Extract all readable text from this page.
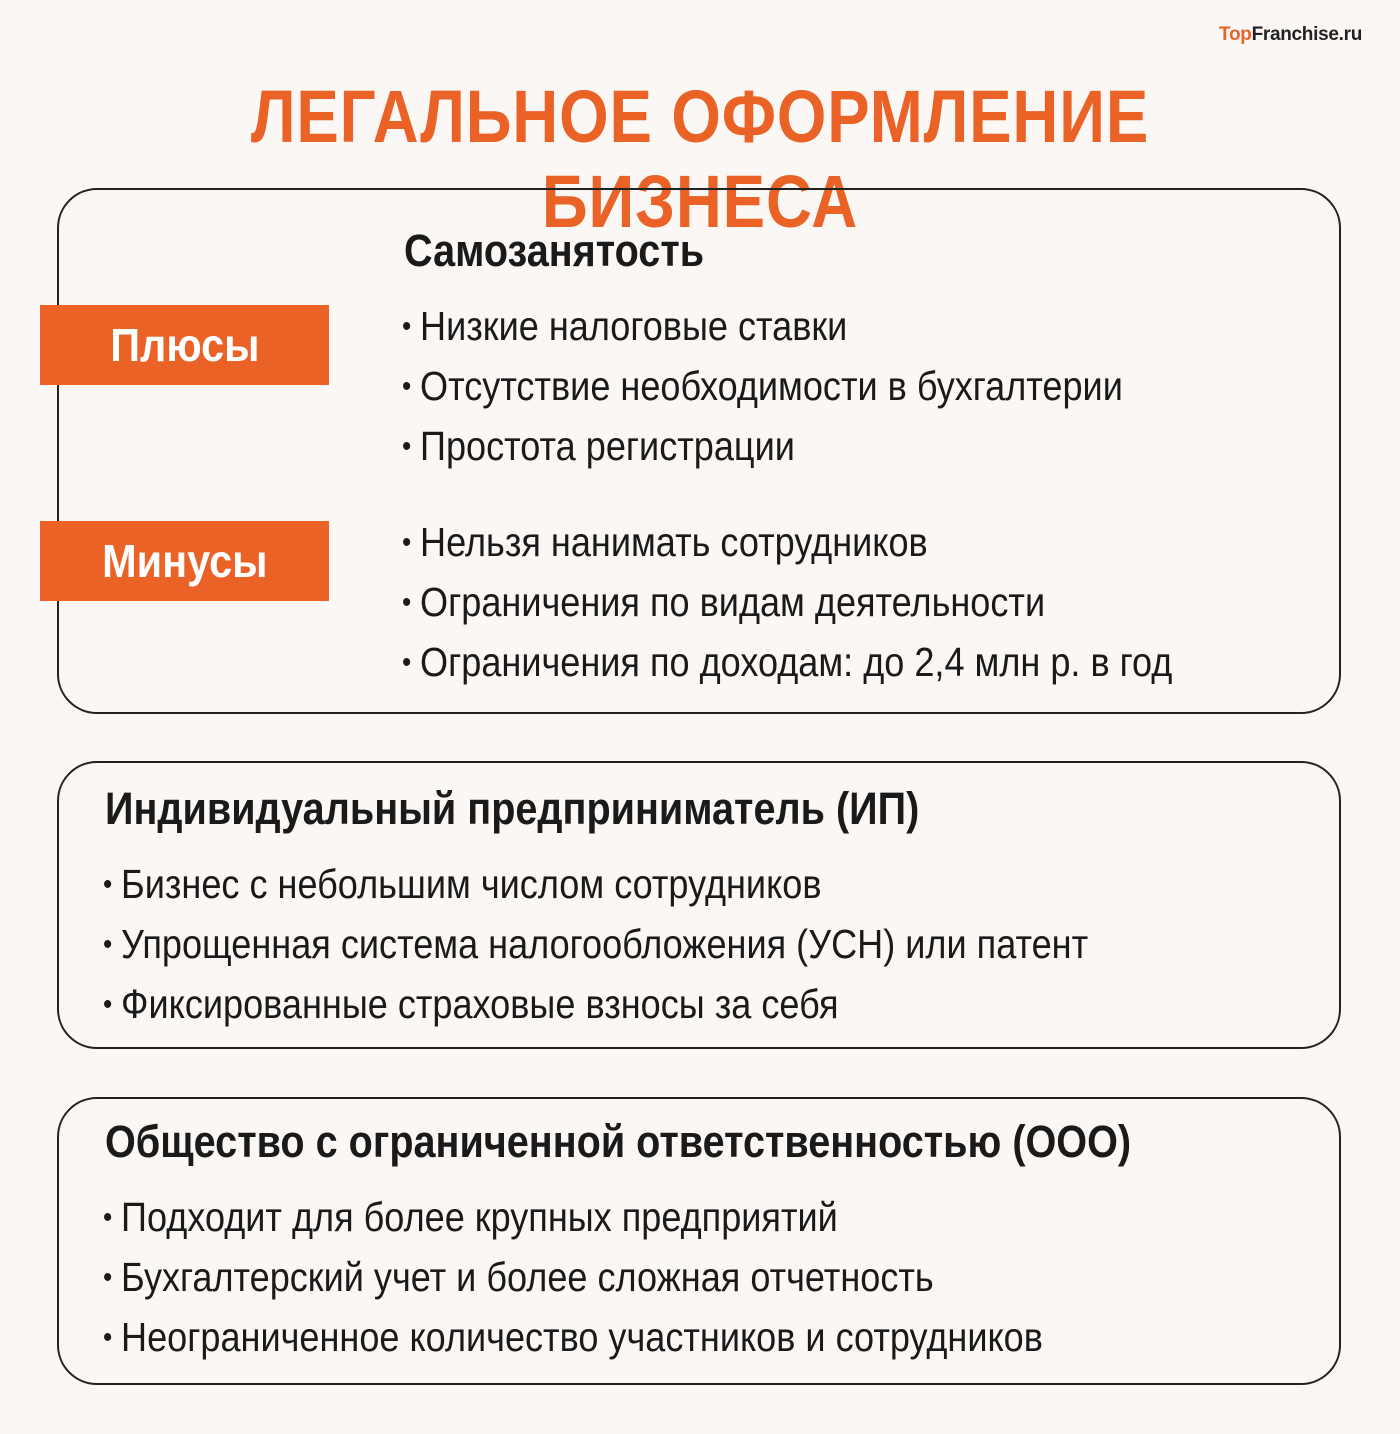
TopFranchise.ru
ЛЕГАЛЬНОЕ ОФОРМЛЕНИЕ БИЗНЕСА
Самозанятость
Плюсы
Минусы
• Низкие налоговые ставки
• Отсутствие необходимости в бухгалтерии
• Простота регистрации
• Нельзя нанимать сотрудников
• Ограничения по видам деятельности
• Ограничения по доходам: до 2,4 млн р. в год
Индивидуальный предприниматель (ИП)
• Бизнес с небольшим числом сотрудников
• Упрощенная система налогообложения (УСН) или патент
• Фиксированные страховые взносы за себя
Общество с ограниченной ответственностью (ООО)
• Подходит для более крупных предприятий
• Бухгалтерский учет и более сложная отчетность
• Неограниченное количество участников и сотрудников
